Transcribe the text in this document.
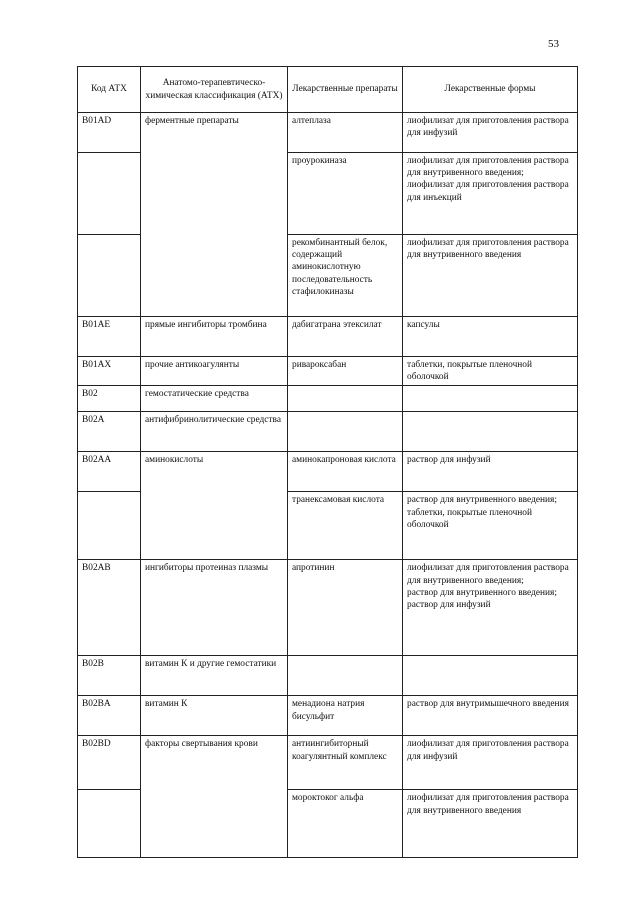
53
Код АТХ	Анатомо-терапевтическо-химическая классификация (АТХ)	Лекарственные препараты	Лекарственные формы
B01AD	ферментные препараты	алтеплаза	лиофилизат для приготовления раствора для инфузий

		проурокиназа	лиофилизат для приготовления раствора для внутривенного введения;
лиофилизат для приготовления раствора для инъекций

		рекомбинантный белок, содержащий аминокислотную последовательность стафилокиназы	лиофилизат для приготовления раствора для внутривенного введения

B01AE	прямые ингибиторы тромбина	дабигатрана этексилат	капсулы

B01AX	прочие антикоагулянты	ривароксабан	таблетки, покрытые пленочной оболочкой

B02	гемостатические средства		

B02A	антифибринолитические средства		

B02AA	аминокислоты	аминокапроновая кислота	раствор для инфузий

		транексамовая кислота	раствор для внутривенного введения;
таблетки, покрытые пленочной оболочкой

B02AB	ингибиторы протеиназ плазмы	апротинин	лиофилизат для приготовления раствора для внутривенного введения;
раствор для внутривенного введения;
раствор для инфузий

B02B	витамин К и другие гемостатики		

B02BA	витамин К	менадиона натрия бисульфит	раствор для внутримышечного введения

B02BD	факторы свертывания крови	антиингибиторный коагулянтный комплекс	лиофилизат для приготовления раствора для инфузий

		мороктоког альфа	лиофилизат для приготовления раствора для внутривенного введения
